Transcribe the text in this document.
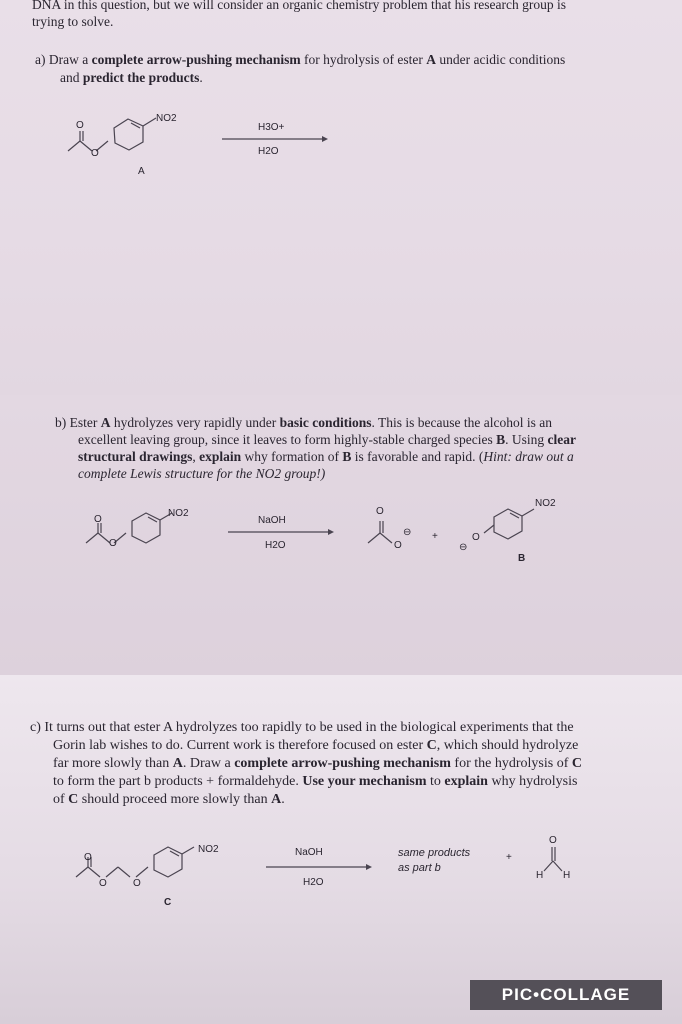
DNA in this question, but we will consider an organic chemistry problem that his research group is
trying to solve.
a) Draw a complete arrow-pushing mechanism for hydrolysis of ester A under acidic conditions
and predict the products.
O
O
NO2
A
H3O+
H2O
b) Ester A hydrolyzes very rapidly under basic conditions. This is because the alcohol is an
excellent leaving group, since it leaves to form highly-stable charged species B. Using clear
structural drawings, explain why formation of B is favorable and rapid. (Hint: draw out a
complete Lewis structure for the NO2 group!)
O
O
NO2
NaOH
H2O
O
O
⊖ +	O
⊖
NO2
B
c) It turns out that ester A hydrolyzes too rapidly to be used in the biological experiments that the
Gorin lab wishes to do. Current work is therefore focused on ester C, which should hydrolyze
far more slowly than A. Draw a complete arrow-pushing mechanism for the hydrolysis of C
to form the part b products + formaldehyde. Use your mechanism to explain why hydrolysis
of C should proceed more slowly than A.
O
O	O
NO2
C
NaOH
H2O
same products
as part b
+
O
H H
PIC•COLLAGE
